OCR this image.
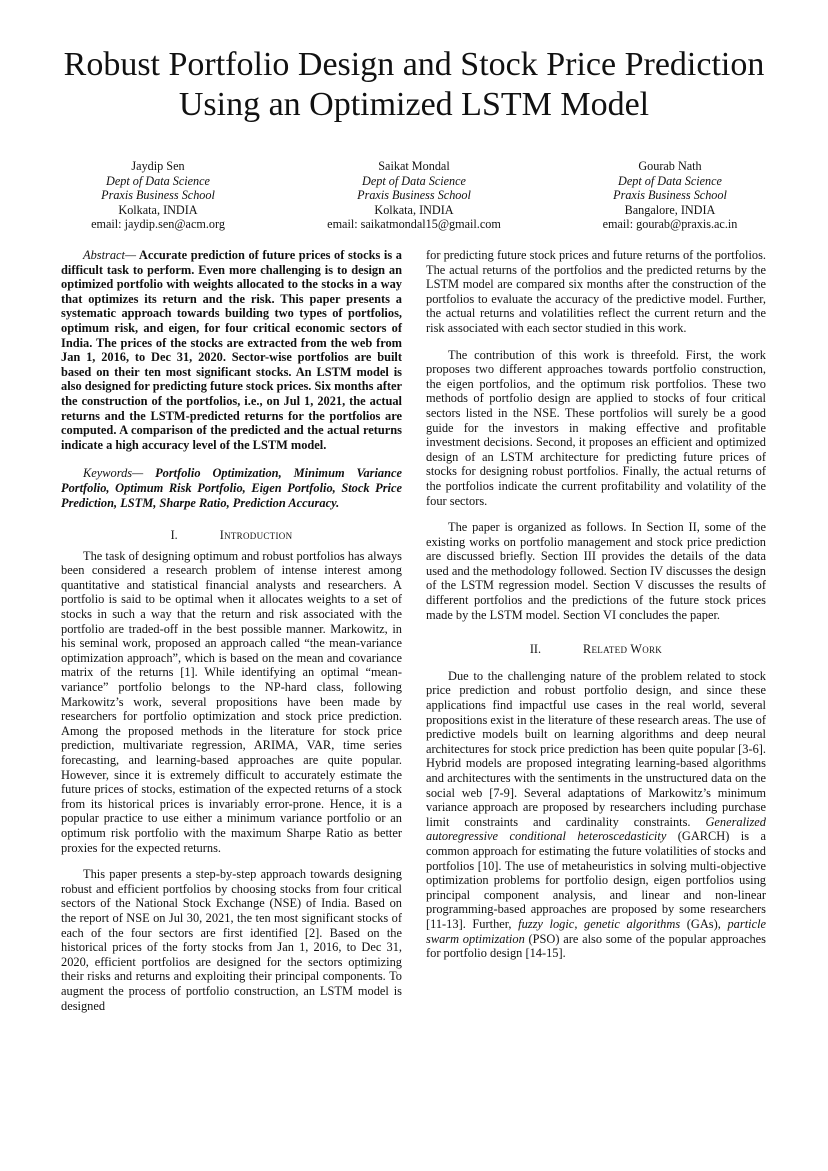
Robust Portfolio Design and Stock Price Prediction
Using an Optimized LSTM Model
Jaydip Sen
Dept of Data Science
Praxis Business School
Kolkata, INDIA
email: jaydip.sen@acm.org
Saikat Mondal
Dept of Data Science
Praxis Business School
Kolkata, INDIA
email: saikatmondal15@gmail.com
Gourab Nath
Dept of Data Science
Praxis Business School
Bangalore, INDIA
email: gourab@praxis.ac.in

Abstract— Accurate prediction of future prices of stocks is a difficult task to perform. Even more challenging is to design an optimized portfolio with weights allocated to the stocks in a way that optimizes its return and the risk. This paper presents a systematic approach towards building two types of portfolios, optimum risk, and eigen, for four critical economic sectors of India. The prices of the stocks are extracted from the web from Jan 1, 2016, to Dec 31, 2020. Sector-wise portfolios are built based on their ten most significant stocks. An LSTM model is also designed for predicting future stock prices. Six months after the construction of the portfolios, i.e., on Jul 1, 2021, the actual returns and the LSTM-predicted returns for the portfolios are computed. A comparison of the predicted and the actual returns indicate a high accuracy level of the LSTM model.

Keywords— Portfolio Optimization, Minimum Variance Portfolio, Optimum Risk Portfolio, Eigen Portfolio, Stock Price Prediction, LSTM, Sharpe Ratio, Prediction Accuracy.

I.	Introduction

The task of designing optimum and robust portfolios has always been considered a research problem of intense interest among quantitative and statistical financial analysts and researchers. A portfolio is said to be optimal when it allocates weights to a set of stocks in such a way that the return and risk associated with the portfolio are traded-off in the best possible manner. Markowitz, in his seminal work, proposed an approach called “the mean-variance optimization approach”, which is based on the mean and covariance matrix of the returns [1]. While identifying an optimal “mean-variance” portfolio belongs to the NP-hard class, following Markowitz’s work, several propositions have been made by researchers for portfolio optimization and stock price prediction. Among the proposed methods in the literature for stock price prediction, multivariate regression, ARIMA, VAR, time series forecasting, and learning-based approaches are quite popular. However, since it is extremely difficult to accurately estimate the future prices of stocks, estimation of the expected returns of a stock from its historical prices is invariably error-prone. Hence, it is a popular practice to use either a minimum variance portfolio or an optimum risk portfolio with the maximum Sharpe Ratio as better proxies for the expected returns.

This paper presents a step-by-step approach towards designing robust and efficient portfolios by choosing stocks from four critical sectors of the National Stock Exchange (NSE) of India. Based on the report of NSE on Jul 30, 2021, the ten most significant stocks of each of the four sectors are first identified [2]. Based on the historical prices of the forty stocks from Jan 1, 2016, to Dec 31, 2020, efficient portfolios are designed for the sectors optimizing their risks and returns and exploiting their principal components. To augment the process of portfolio construction, an LSTM model is designed

for predicting future stock prices and future returns of the portfolios. The actual returns of the portfolios and the predicted returns by the LSTM model are compared six months after the construction of the portfolios to evaluate the accuracy of the predictive model. Further, the actual returns and volatilities reflect the current return and the risk associated with each sector studied in this work.

The contribution of this work is threefold. First, the work proposes two different approaches towards portfolio construction, the eigen portfolios, and the optimum risk portfolios. These two methods of portfolio design are applied to stocks of four critical sectors listed in the NSE. These portfolios will surely be a good guide for the investors in making effective and profitable investment decisions. Second, it proposes an efficient and optimized design of an LSTM architecture for predicting future prices of stocks for designing robust portfolios. Finally, the actual returns of the portfolios indicate the current profitability and volatility of the four sectors.

The paper is organized as follows. In Section II, some of the existing works on portfolio management and stock price prediction are discussed briefly. Section III provides the details of the data used and the methodology followed. Section IV discusses the design of the LSTM regression model. Section V discusses the results of different portfolios and the predictions of the future stock prices made by the LSTM model. Section VI concludes the paper.

II.	Related Work

Due to the challenging nature of the problem related to stock price prediction and robust portfolio design, and since these applications find impactful use cases in the real world, several propositions exist in the literature of these research areas. The use of predictive models built on learning algorithms and deep neural architectures for stock price prediction has been quite popular [3-6]. Hybrid models are proposed integrating learning-based algorithms and architectures with the sentiments in the unstructured data on the social web [7-9]. Several adaptations of Markowitz’s minimum variance approach are proposed by researchers including purchase limit constraints and cardinality constraints. Generalized autoregressive conditional heteroscedasticity (GARCH) is a common approach for estimating the future volatilities of stocks and portfolios [10]. The use of metaheuristics in solving multi-objective optimization problems for portfolio design, eigen portfolios using principal component analysis, and linear and non-linear programming-based approaches are proposed by some researchers [11-13]. Further, fuzzy logic, genetic algorithms (GAs), particle swarm optimization (PSO) are also some of the popular approaches for portfolio design [14-15].
